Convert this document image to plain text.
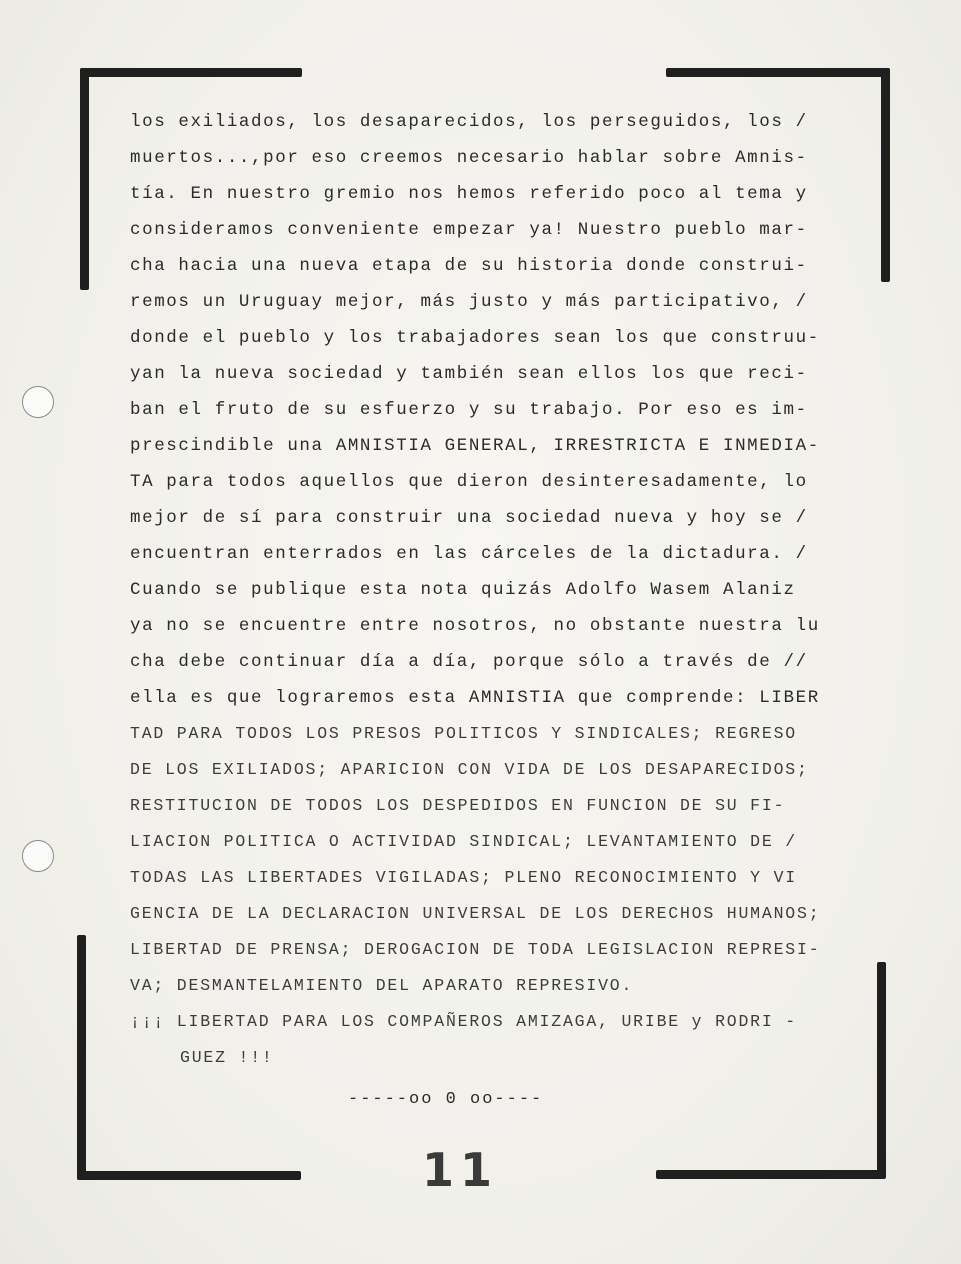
los exiliados, los desaparecidos, los perseguidos, los /
muertos...,por eso creemos necesario hablar sobre Amnis-
tía. En nuestro gremio nos hemos referido poco al tema y
consideramos conveniente empezar ya! Nuestro pueblo mar-
cha hacia una nueva etapa de su historia donde construi-
remos un Uruguay mejor, más justo y más participativo, /
donde el pueblo y los trabajadores sean los que construu-
yan la nueva sociedad y también sean ellos los que reci-
ban el fruto de su esfuerzo y su trabajo. Por eso es im-
prescindible una AMNISTIA GENERAL, IRRESTRICTA E INMEDIA-
TA para todos aquellos que dieron desinteresadamente, lo
mejor de sí para construir una sociedad nueva y hoy se /
encuentran enterrados en las cárceles de la dictadura. /
Cuando se publique esta nota quizás Adolfo Wasem Alaniz
ya no se encuentre entre nosotros, no obstante nuestra lu
cha debe continuar día a día, porque sólo a través de //
ella es que lograremos esta AMNISTIA que comprende: LIBER
TAD PARA TODOS LOS PRESOS POLITICOS Y SINDICALES; REGRESO
DE LOS EXILIADOS; APARICION CON VIDA DE LOS DESAPARECIDOS;
RESTITUCION DE TODOS LOS DESPEDIDOS EN FUNCION DE SU FI-
LIACION POLITICA O ACTIVIDAD SINDICAL; LEVANTAMIENTO DE /
TODAS LAS LIBERTADES VIGILADAS; PLENO RECONOCIMIENTO Y VI
GENCIA DE LA DECLARACION UNIVERSAL DE LOS DERECHOS HUMANOS;
LIBERTAD DE PRENSA; DEROGACION DE TODA LEGISLACION REPRESI-
VA; DESMANTELAMIENTO DEL APARATO REPRESIVO.
¡¡¡ LIBERTAD PARA LOS COMPAÑEROS AMIZAGA, URIBE y RODRI -
GUEZ !!!
-----oo 0 oo----
11
